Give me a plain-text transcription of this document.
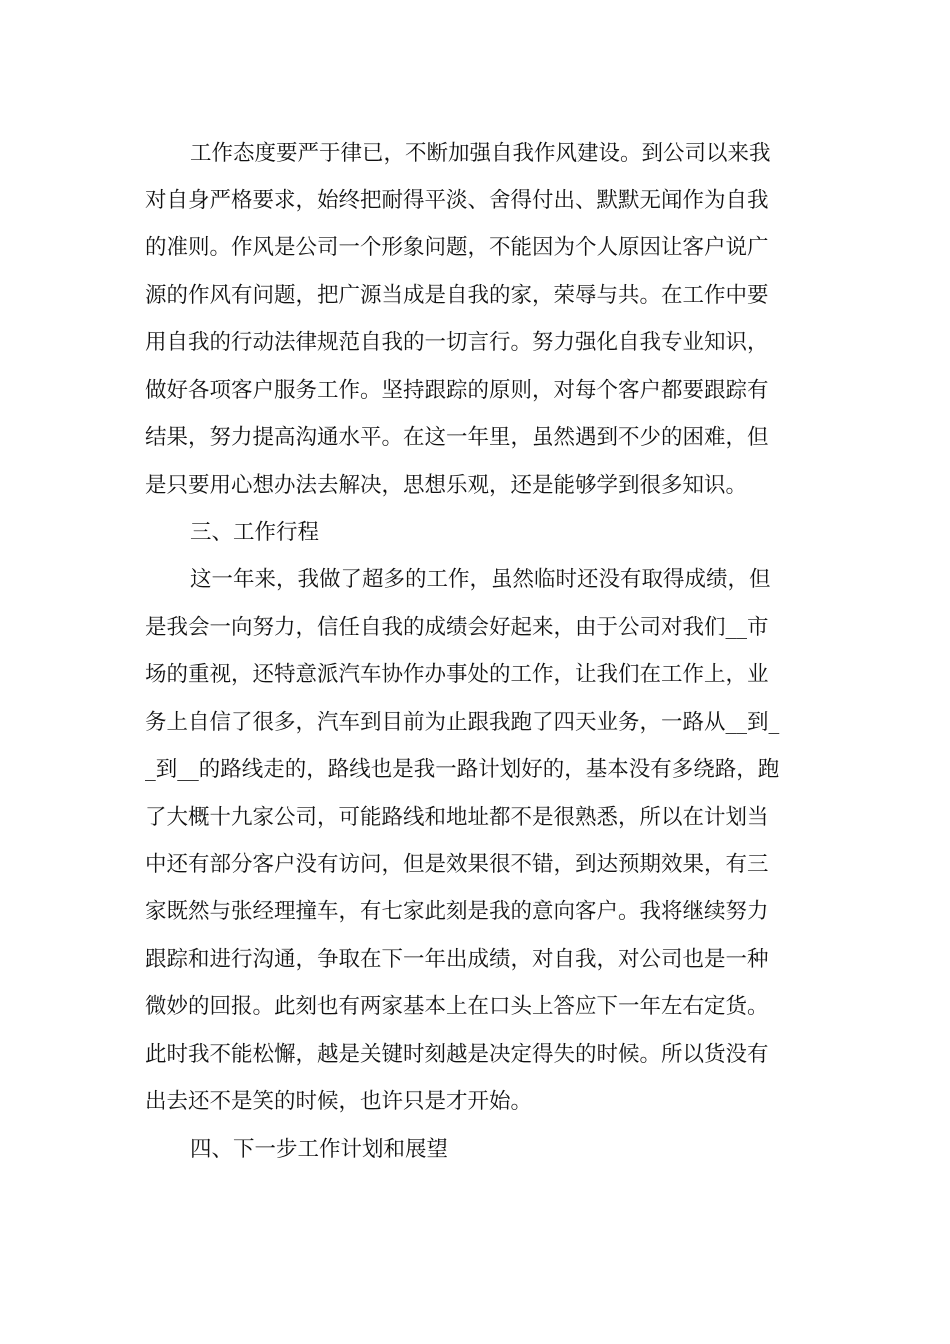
工作态度要严于律已，不断加强自我作风建设。到公司以来我
对自身严格要求，始终把耐得平淡、舍得付出、默默无闻作为自我
的准则。作风是公司一个形象问题，不能因为个人原因让客户说广
源的作风有问题，把广源当成是自我的家，荣辱与共。在工作中要
用自我的行动法律规范自我的一切言行。努力强化自我专业知识，
做好各项客户服务工作。坚持跟踪的原则，对每个客户都要跟踪有
结果，努力提高沟通水平。在这一年里，虽然遇到不少的困难，但
是只要用心想办法去解决，思想乐观，还是能够学到很多知识。
三、工作行程
这一年来，我做了超多的工作，虽然临时还没有取得成绩，但
是我会一向努力，信任自我的成绩会好起来，由于公司对我们__市
场的重视，还特意派汽车协作办事处的工作，让我们在工作上，业
务上自信了很多，汽车到目前为止跟我跑了四天业务，一路从__到_
_到__的路线走的，路线也是我一路计划好的，基本没有多绕路，跑
了大概十九家公司，可能路线和地址都不是很熟悉，所以在计划当
中还有部分客户没有访问，但是效果很不错，到达预期效果，有三
家既然与张经理撞车，有七家此刻是我的意向客户。我将继续努力
跟踪和进行沟通，争取在下一年出成绩，对自我，对公司也是一种
微妙的回报。此刻也有两家基本上在口头上答应下一年左右定货。
此时我不能松懈，越是关键时刻越是决定得失的时候。所以货没有
出去还不是笑的时候，也许只是才开始。
四、下一步工作计划和展望
